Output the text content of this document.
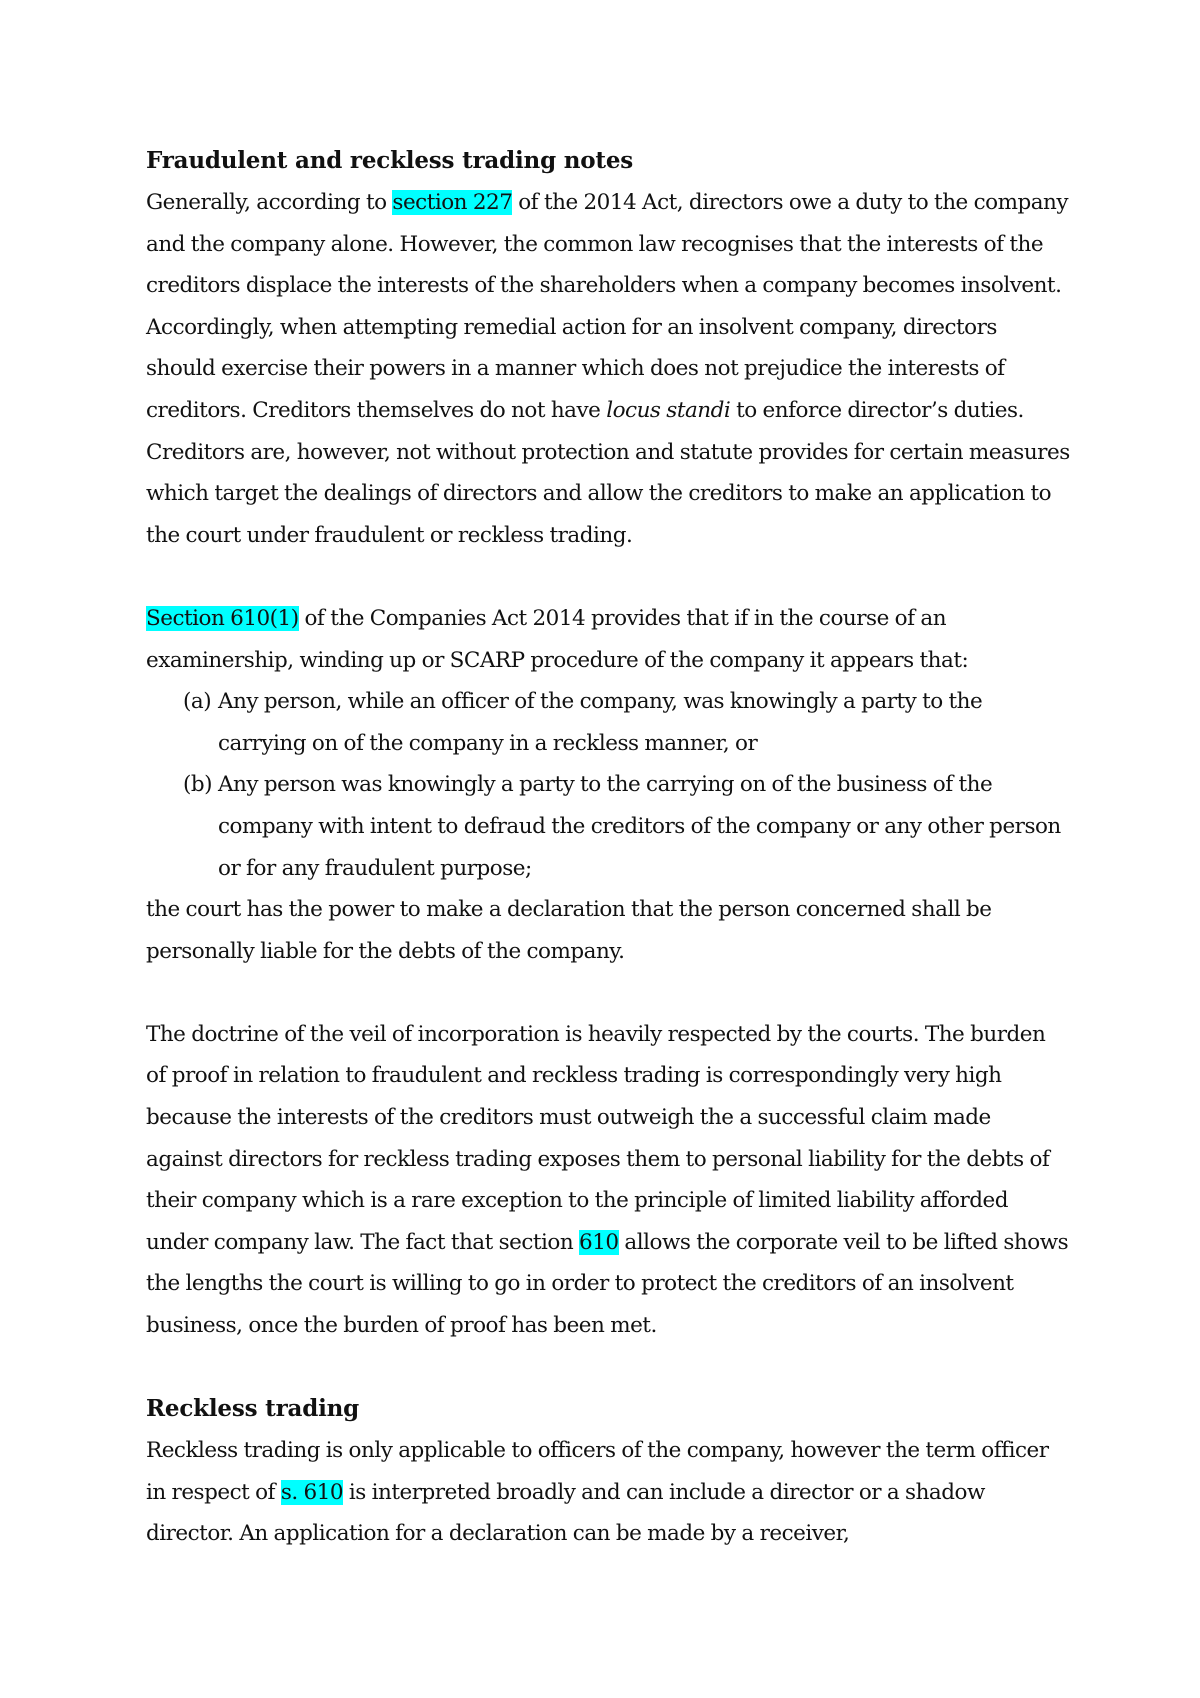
Fraudulent and reckless trading notes
Generally, according to section 227 of the 2014 Act, directors owe a duty to the company and the company alone. However, the common law recognises that the interests of the creditors displace the interests of the shareholders when a company becomes insolvent. Accordingly, when attempting remedial action for an insolvent company, directors should exercise their powers in a manner which does not prejudice the interests of creditors. Creditors themselves do not have locus standi to enforce director’s duties. Creditors are, however, not without protection and statute provides for certain measures which target the dealings of directors and allow the creditors to make an application to the court under fraudulent or reckless trading.
Section 610(1) of the Companies Act 2014 provides that if in the course of an examinership, winding up or SCARP procedure of the company it appears that:
(a) Any person, while an officer of the company, was knowingly a party to the carrying on of the company in a reckless manner, or
(b) Any person was knowingly a party to the carrying on of the business of the company with intent to defraud the creditors of the company or any other person or for any fraudulent purpose;
the court has the power to make a declaration that the person concerned shall be personally liable for the debts of the company.
The doctrine of the veil of incorporation is heavily respected by the courts. The burden of proof in relation to fraudulent and reckless trading is correspondingly very high because the interests of the creditors must outweigh the a successful claim made against directors for reckless trading exposes them to personal liability for the debts of their company which is a rare exception to the principle of limited liability afforded under company law. The fact that section 610 allows the corporate veil to be lifted shows the lengths the court is willing to go in order to protect the creditors of an insolvent business, once the burden of proof has been met.
Reckless trading
Reckless trading is only applicable to officers of the company, however the term officer in respect of s. 610 is interpreted broadly and can include a director or a shadow director. An application for a declaration can be made by a receiver,
